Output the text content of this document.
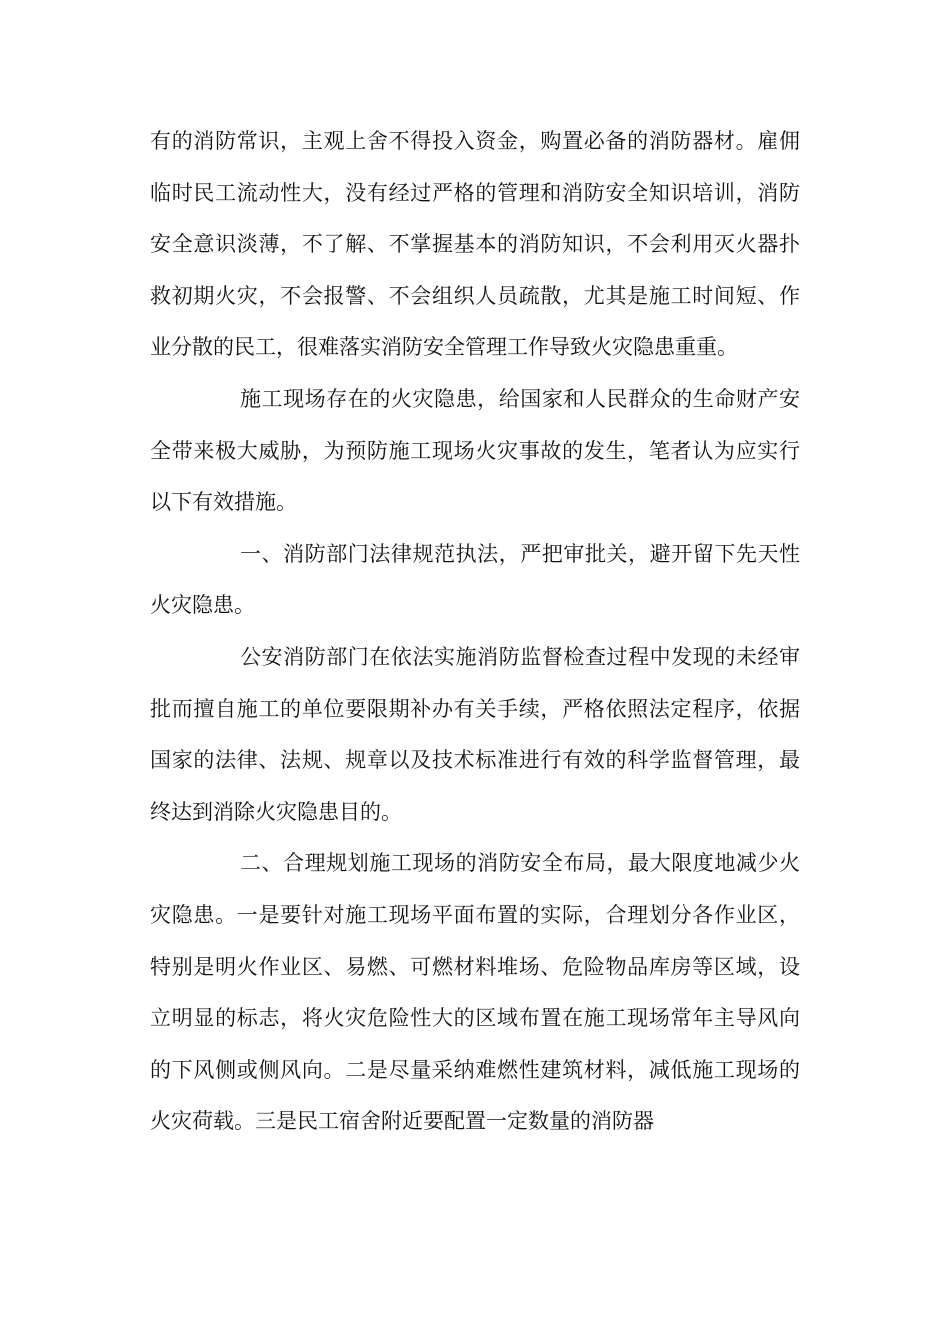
有的消防常识，主观上舍不得投入资金，购置必备的消防器材。雇佣临时民工流动性大，没有经过严格的管理和消防安全知识培训，消防安全意识淡薄，不了解、不掌握基本的消防知识，不会利用灭火器扑救初期火灾，不会报警、不会组织人员疏散，尤其是施工时间短、作业分散的民工，很难落实消防安全管理工作导致火灾隐患重重。

施工现场存在的火灾隐患，给国家和人民群众的生命财产安全带来极大威胁，为预防施工现场火灾事故的发生，笔者认为应实行以下有效措施。

一、消防部门法律规范执法，严把审批关，避开留下先天性火灾隐患。

公安消防部门在依法实施消防监督检查过程中发现的未经审批而擅自施工的单位要限期补办有关手续，严格依照法定程序，依据国家的法律、法规、规章以及技术标准进行有效的科学监督管理，最终达到消除火灾隐患目的。

二、合理规划施工现场的消防安全布局，最大限度地减少火灾隐患。一是要针对施工现场平面布置的实际，合理划分各作业区，特别是明火作业区、易燃、可燃材料堆场、危险物品库房等区域，设立明显的标志，将火灾危险性大的区域布置在施工现场常年主导风向的下风侧或侧风向。二是尽量采纳难燃性建筑材料，减低施工现场的火灾荷载。三是民工宿舍附近要配置一定数量的消防器
